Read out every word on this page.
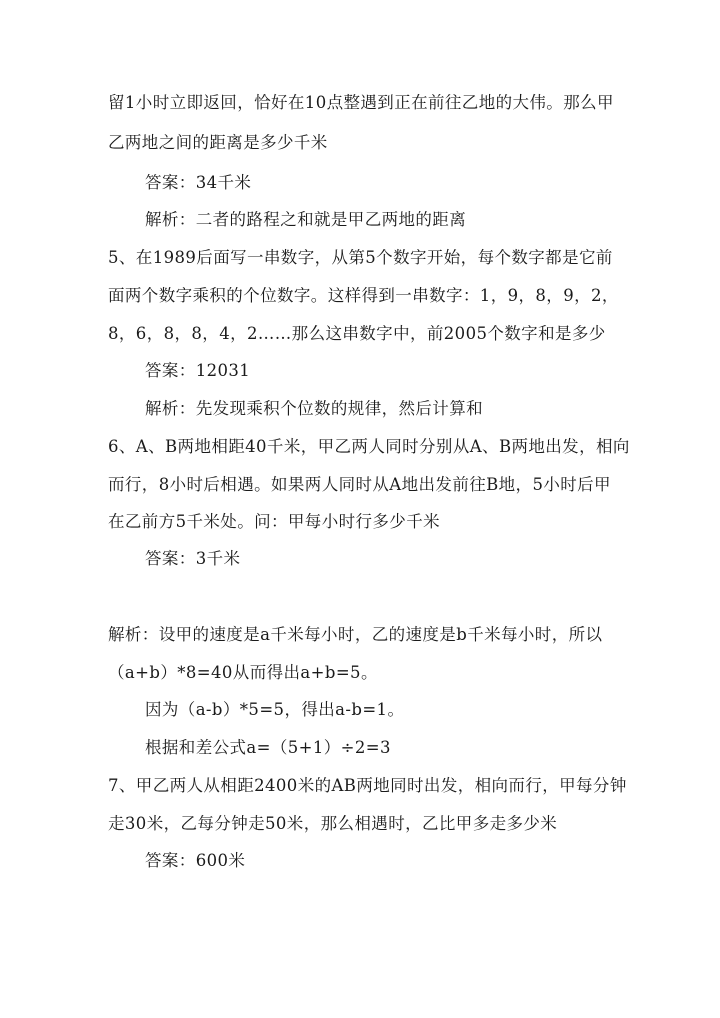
留1小时立即返回，恰好在10点整遇到正在前往乙地的大伟。那么甲
乙两地之间的距离是多少千米
答案：34千米
解析：二者的路程之和就是甲乙两地的距离
5、在1989后面写一串数字，从第5个数字开始，每个数字都是它前
面两个数字乘积的个位数字。这样得到一串数字：1，9，8，9，2，
8，6，8，8，4，2……那么这串数字中，前2005个数字和是多少
答案：12031
解析：先发现乘积个位数的规律，然后计算和
6、A、B两地相距40千米，甲乙两人同时分别从A、B两地出发，相向
而行，8小时后相遇。如果两人同时从A地出发前往B地，5小时后甲
在乙前方5千米处。问：甲每小时行多少千米
答案：3千米
解析：设甲的速度是a千米每小时，乙的速度是b千米每小时，所以
（a+b）*8=40从而得出a+b=5。
因为（a-b）*5=5，得出a-b=1。
根据和差公式a=（5+1）÷2=3
7、甲乙两人从相距2400米的AB两地同时出发，相向而行，甲每分钟
走30米，乙每分钟走50米，那么相遇时，乙比甲多走多少米
答案：600米
